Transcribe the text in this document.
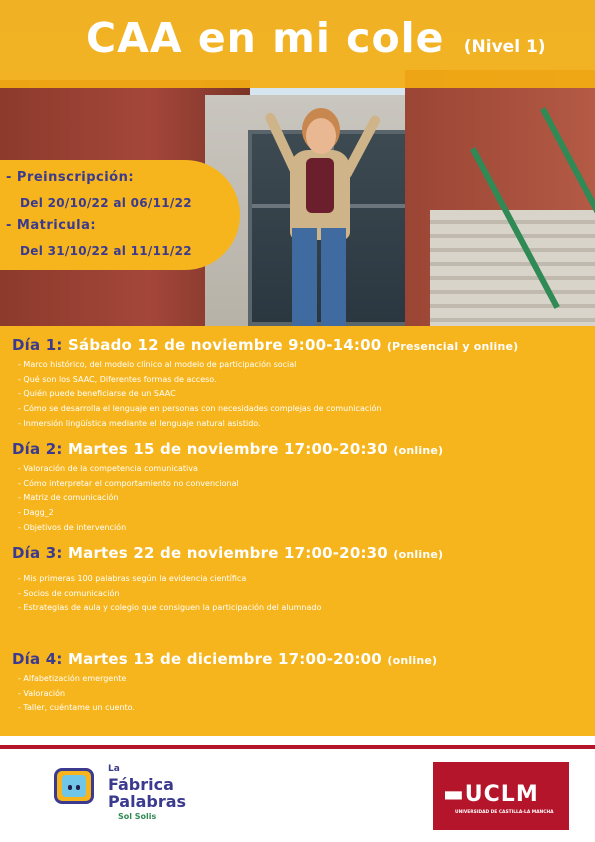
CAA en mi cole (Nivel 1)
- Preinscripción:
Del 20/10/22 al 06/11/22
- Matricula:
Del 31/10/22 al 11/11/22
Día 1: Sábado 12 de noviembre 9:00-14:00 (Presencial y online)
- Marco histórico, del modelo clínico al modelo de participación social
- Qué son los SAAC, Diferentes formas de acceso.
- Quién puede beneficiarse de un SAAC
- Cómo se desarrolla el lenguaje en personas con necesidades complejas de comunicación
- Inmersión lingüística mediante el lenguaje natural asistido.
Día 2: Martes 15 de noviembre 17:00-20:30 (online)
- Valoración de la competencia comunicativa
- Cómo interpretar el comportamiento no convencional
- Matriz de comunicación
- Dagg_2
- Objetivos de intervención
Día 3: Martes 22 de noviembre 17:00-20:30 (online)
- Mis primeras 100 palabras según la evidencia científica
- Socios de comunicación
- Estrategias de aula y colegio que consiguen la participación del alumnado
Día 4: Martes 13 de diciembre 17:00-20:00 (online)
- Alfabetización emergente
- Valoración
- Taller, cuéntame un cuento.
La
Fábrica
Palabras
Sol Solis
▬UCLM
UNIVERSIDAD DE CASTILLA-LA MANCHA
